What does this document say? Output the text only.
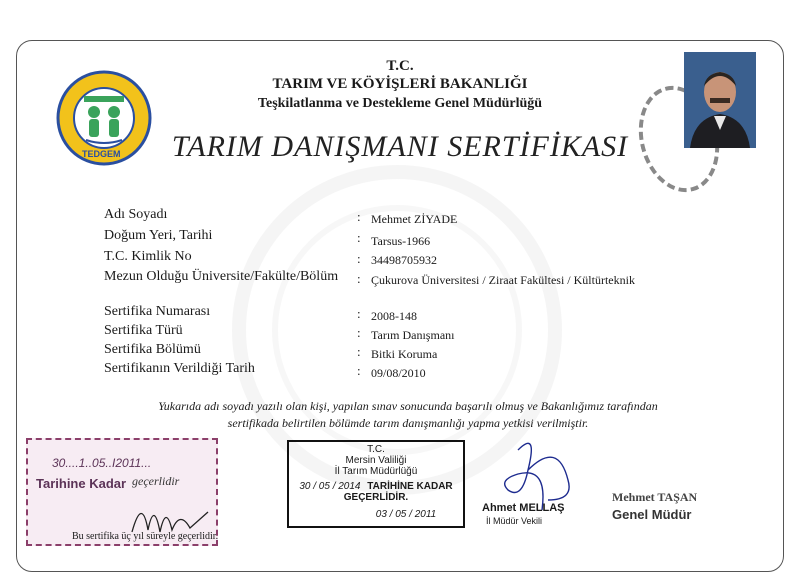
TEDGEM
T.C.
TARIM VE KÖYİŞLERİ BAKANLIĞI
Teşkilatlanma ve Destekleme Genel Müdürlüğü
TARIM DANIŞMANI SERTİFİKASI
Adı Soyadı
Doğum Yeri, Tarihi
T.C. Kimlik No
Mezun Olduğu Üniversite/Fakülte/Bölüm
:
:
:
:
Mehmet ZİYADE
Tarsus-1966
34498705932
Çukurova Üniversitesi / Ziraat Fakültesi / Kültürteknik
Sertifika Numarası
Sertifika Türü
Sertifika Bölümü
Sertifikanın Verildiği Tarih
:
:
:
:
2008-148
Tarım Danışmanı
Bitki Koruma
09/08/2010
Yukarıda adı soyadı yazılı olan kişi, yapılan sınav sonucunda başarılı olmuş ve Bakanlığımız tarafından
sertifikada belirtilen bölümde tarım danışmanlığı yapma yetkisi verilmiştir.
30....1..05..I2011...
Tarihine Kadar geçerlidir
Bu sertifika üç yıl süreyle geçerlidir.
T.C.
Mersin Valiliği
İl Tarım Müdürlüğü
30 / 05 / 2014 TARİHİNE KADAR
GEÇERLİDİR.
03 / 05 / 2011
Ahmet MELLAŞ
İl Müdür Vekili
Mehmet TAŞAN
Genel Müdür
